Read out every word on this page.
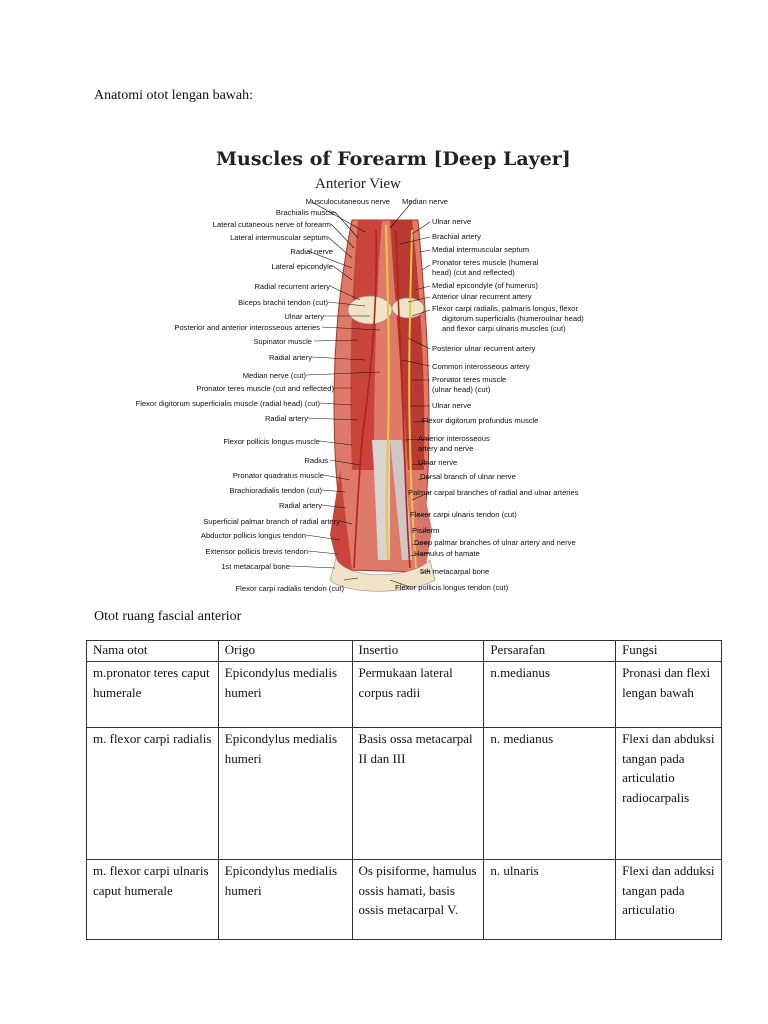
Anatomi otot lengan bawah:
Musculocutaneous nerve
Brachialis muscle
Lateral cutaneous nerve of forearm
Lateral intermuscular septum
Radial nerve
Lateral epicondyle
Radial recurrent artery
Biceps brachii tendon (cut)
Ulnar artery
Posterior and anterior interosseous arteries
Supinator muscle
Radial artery
Median nerve (cut)
Pronator teres muscle (cut and reflected)
Flexor digitorum superficialis muscle (radial head) (cut)
Radial artery
Flexor pollicis longus muscle
Radius
Pronator quadratus muscle
Brachioradialis tendon (cut)
Radial artery
Superficial palmar branch of radial artery
Abductor pollicis longus tendon
Extensor pollicis brevis tendon
1st metacarpal bone
Flexor carpi radialis tendon (cut)
Median nerve
Ulnar nerve
Brachial artery
Medial intermuscular septum
Pronator teres muscle (humeral
head) (cut and reflected)
Medial epicondyle (of humerus)
Anterior ulnar recurrent artery
Flexor carpi radialis, palmaris longus, flexor
digitorum superficialis (humeroulnar head)
and flexor carpi ulnaris muscles (cut)
Posterior ulnar recurrent artery
Common interosseous artery
Pronator teres muscle
(ulnar head) (cut)
Ulnar nerve
Flexor digitorum profundus muscle
Anterior interosseous
artery and nerve
Ulnar nerve
Dorsal branch of ulnar nerve
Palmar carpal branches of radial and ulnar arteries
Flexor carpi ulnaris tendon (cut)
Pisiform
Deep palmar branches of ulnar artery and nerve
Hamulus of hamate
5th metacarpal bone
Flexor pollicis longus tendon (cut)
Muscles of Forearm [Deep Layer]
Anterior View
Otot ruang fascial anterior
Nama otot	Origo	Insertio	Persarafan	Fungsi
m.pronator teres caput humerale	Epicondylus medialis humeri	Permukaan lateral corpus radii	n.medianus	Pronasi dan flexi lengan bawah
m. flexor carpi radialis	Epicondylus medialis humeri	Basis ossa metacarpal II dan III	n. medianus	Flexi dan abduksi tangan pada articulatio radiocarpalis
m. flexor carpi ulnaris caput humerale	Epicondylus medialis humeri	Os pisiforme, hamulus ossis hamati, basis ossis metacarpal V.	n. ulnaris	Flexi dan adduksi tangan pada articulatio
